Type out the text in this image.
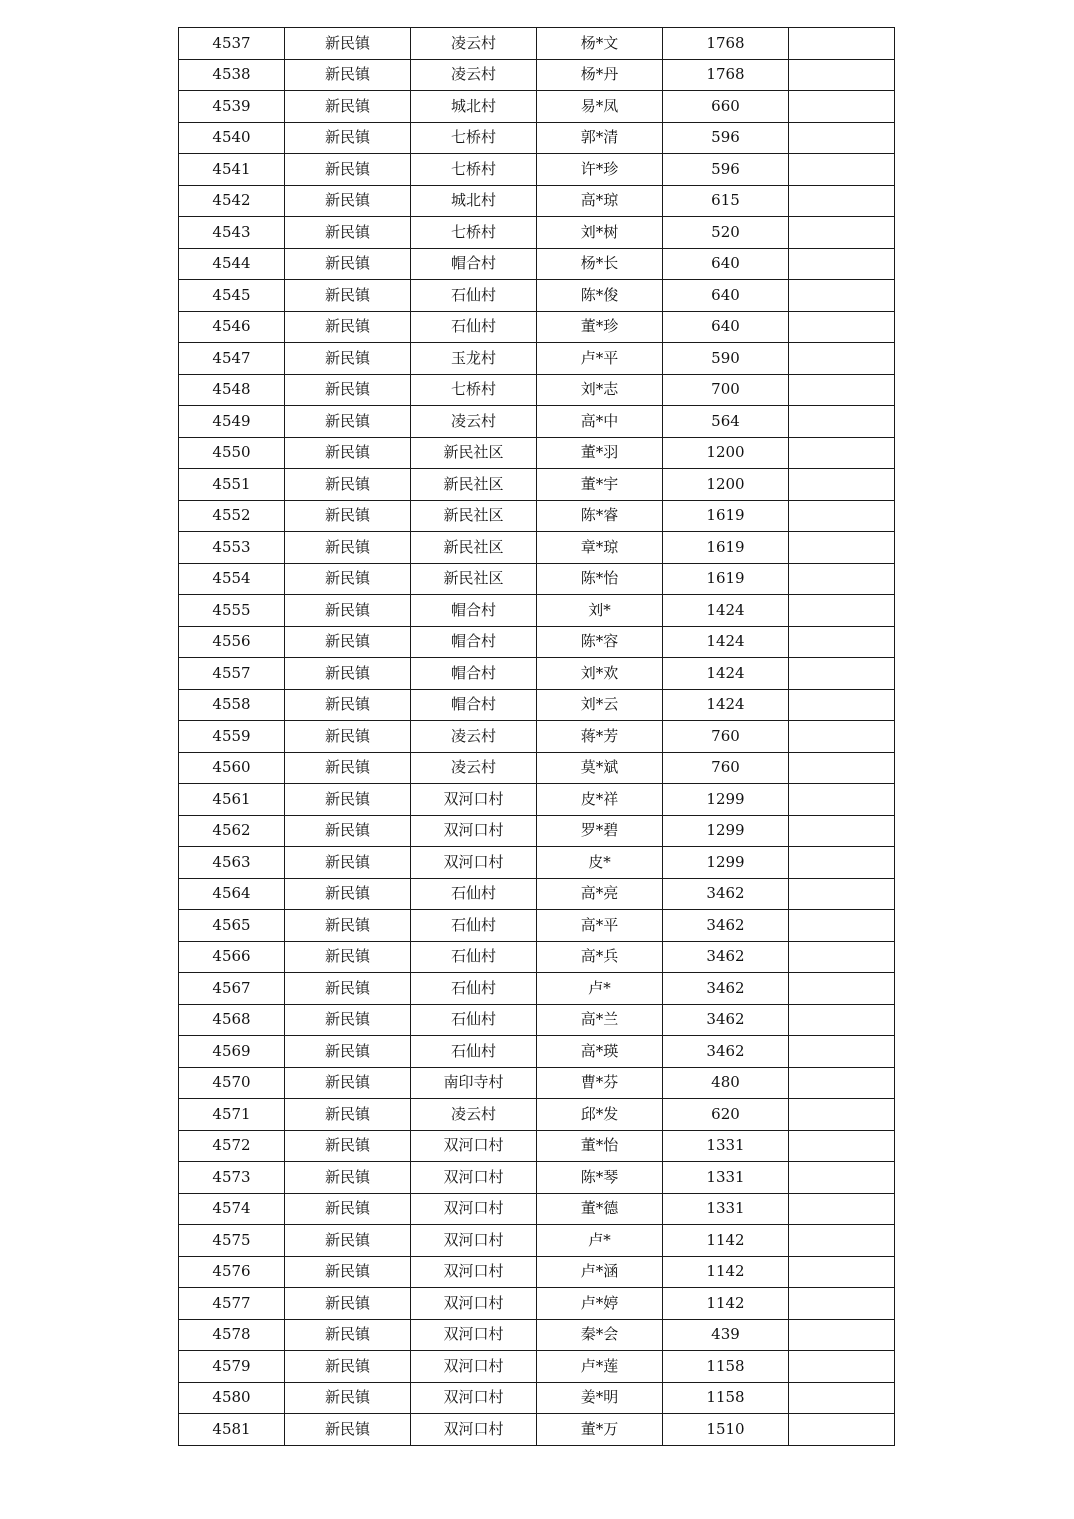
4537	新民镇	凌云村	杨*文	1768	
4538	新民镇	凌云村	杨*丹	1768	
4539	新民镇	城北村	易*凤	660	
4540	新民镇	七桥村	郭*清	596	
4541	新民镇	七桥村	许*珍	596	
4542	新民镇	城北村	高*琼	615	
4543	新民镇	七桥村	刘*树	520	
4544	新民镇	帽合村	杨*长	640	
4545	新民镇	石仙村	陈*俊	640	
4546	新民镇	石仙村	董*珍	640	
4547	新民镇	玉龙村	卢*平	590	
4548	新民镇	七桥村	刘*志	700	
4549	新民镇	凌云村	高*中	564	
4550	新民镇	新民社区	董*羽	1200	
4551	新民镇	新民社区	董*宇	1200	
4552	新民镇	新民社区	陈*睿	1619	
4553	新民镇	新民社区	章*琼	1619	
4554	新民镇	新民社区	陈*怡	1619	
4555	新民镇	帽合村	刘*	1424	
4556	新民镇	帽合村	陈*容	1424	
4557	新民镇	帽合村	刘*欢	1424	
4558	新民镇	帽合村	刘*云	1424	
4559	新民镇	凌云村	蒋*芳	760	
4560	新民镇	凌云村	莫*斌	760	
4561	新民镇	双河口村	皮*祥	1299	
4562	新民镇	双河口村	罗*碧	1299	
4563	新民镇	双河口村	皮*	1299	
4564	新民镇	石仙村	高*亮	3462	
4565	新民镇	石仙村	高*平	3462	
4566	新民镇	石仙村	高*兵	3462	
4567	新民镇	石仙村	卢*	3462	
4568	新民镇	石仙村	高*兰	3462	
4569	新民镇	石仙村	高*瑛	3462	
4570	新民镇	南印寺村	曹*芬	480	
4571	新民镇	凌云村	邱*发	620	
4572	新民镇	双河口村	董*怡	1331	
4573	新民镇	双河口村	陈*琴	1331	
4574	新民镇	双河口村	董*德	1331	
4575	新民镇	双河口村	卢*	1142	
4576	新民镇	双河口村	卢*涵	1142	
4577	新民镇	双河口村	卢*婷	1142	
4578	新民镇	双河口村	秦*会	439	
4579	新民镇	双河口村	卢*莲	1158	
4580	新民镇	双河口村	姜*明	1158	
4581	新民镇	双河口村	董*万	1510	
